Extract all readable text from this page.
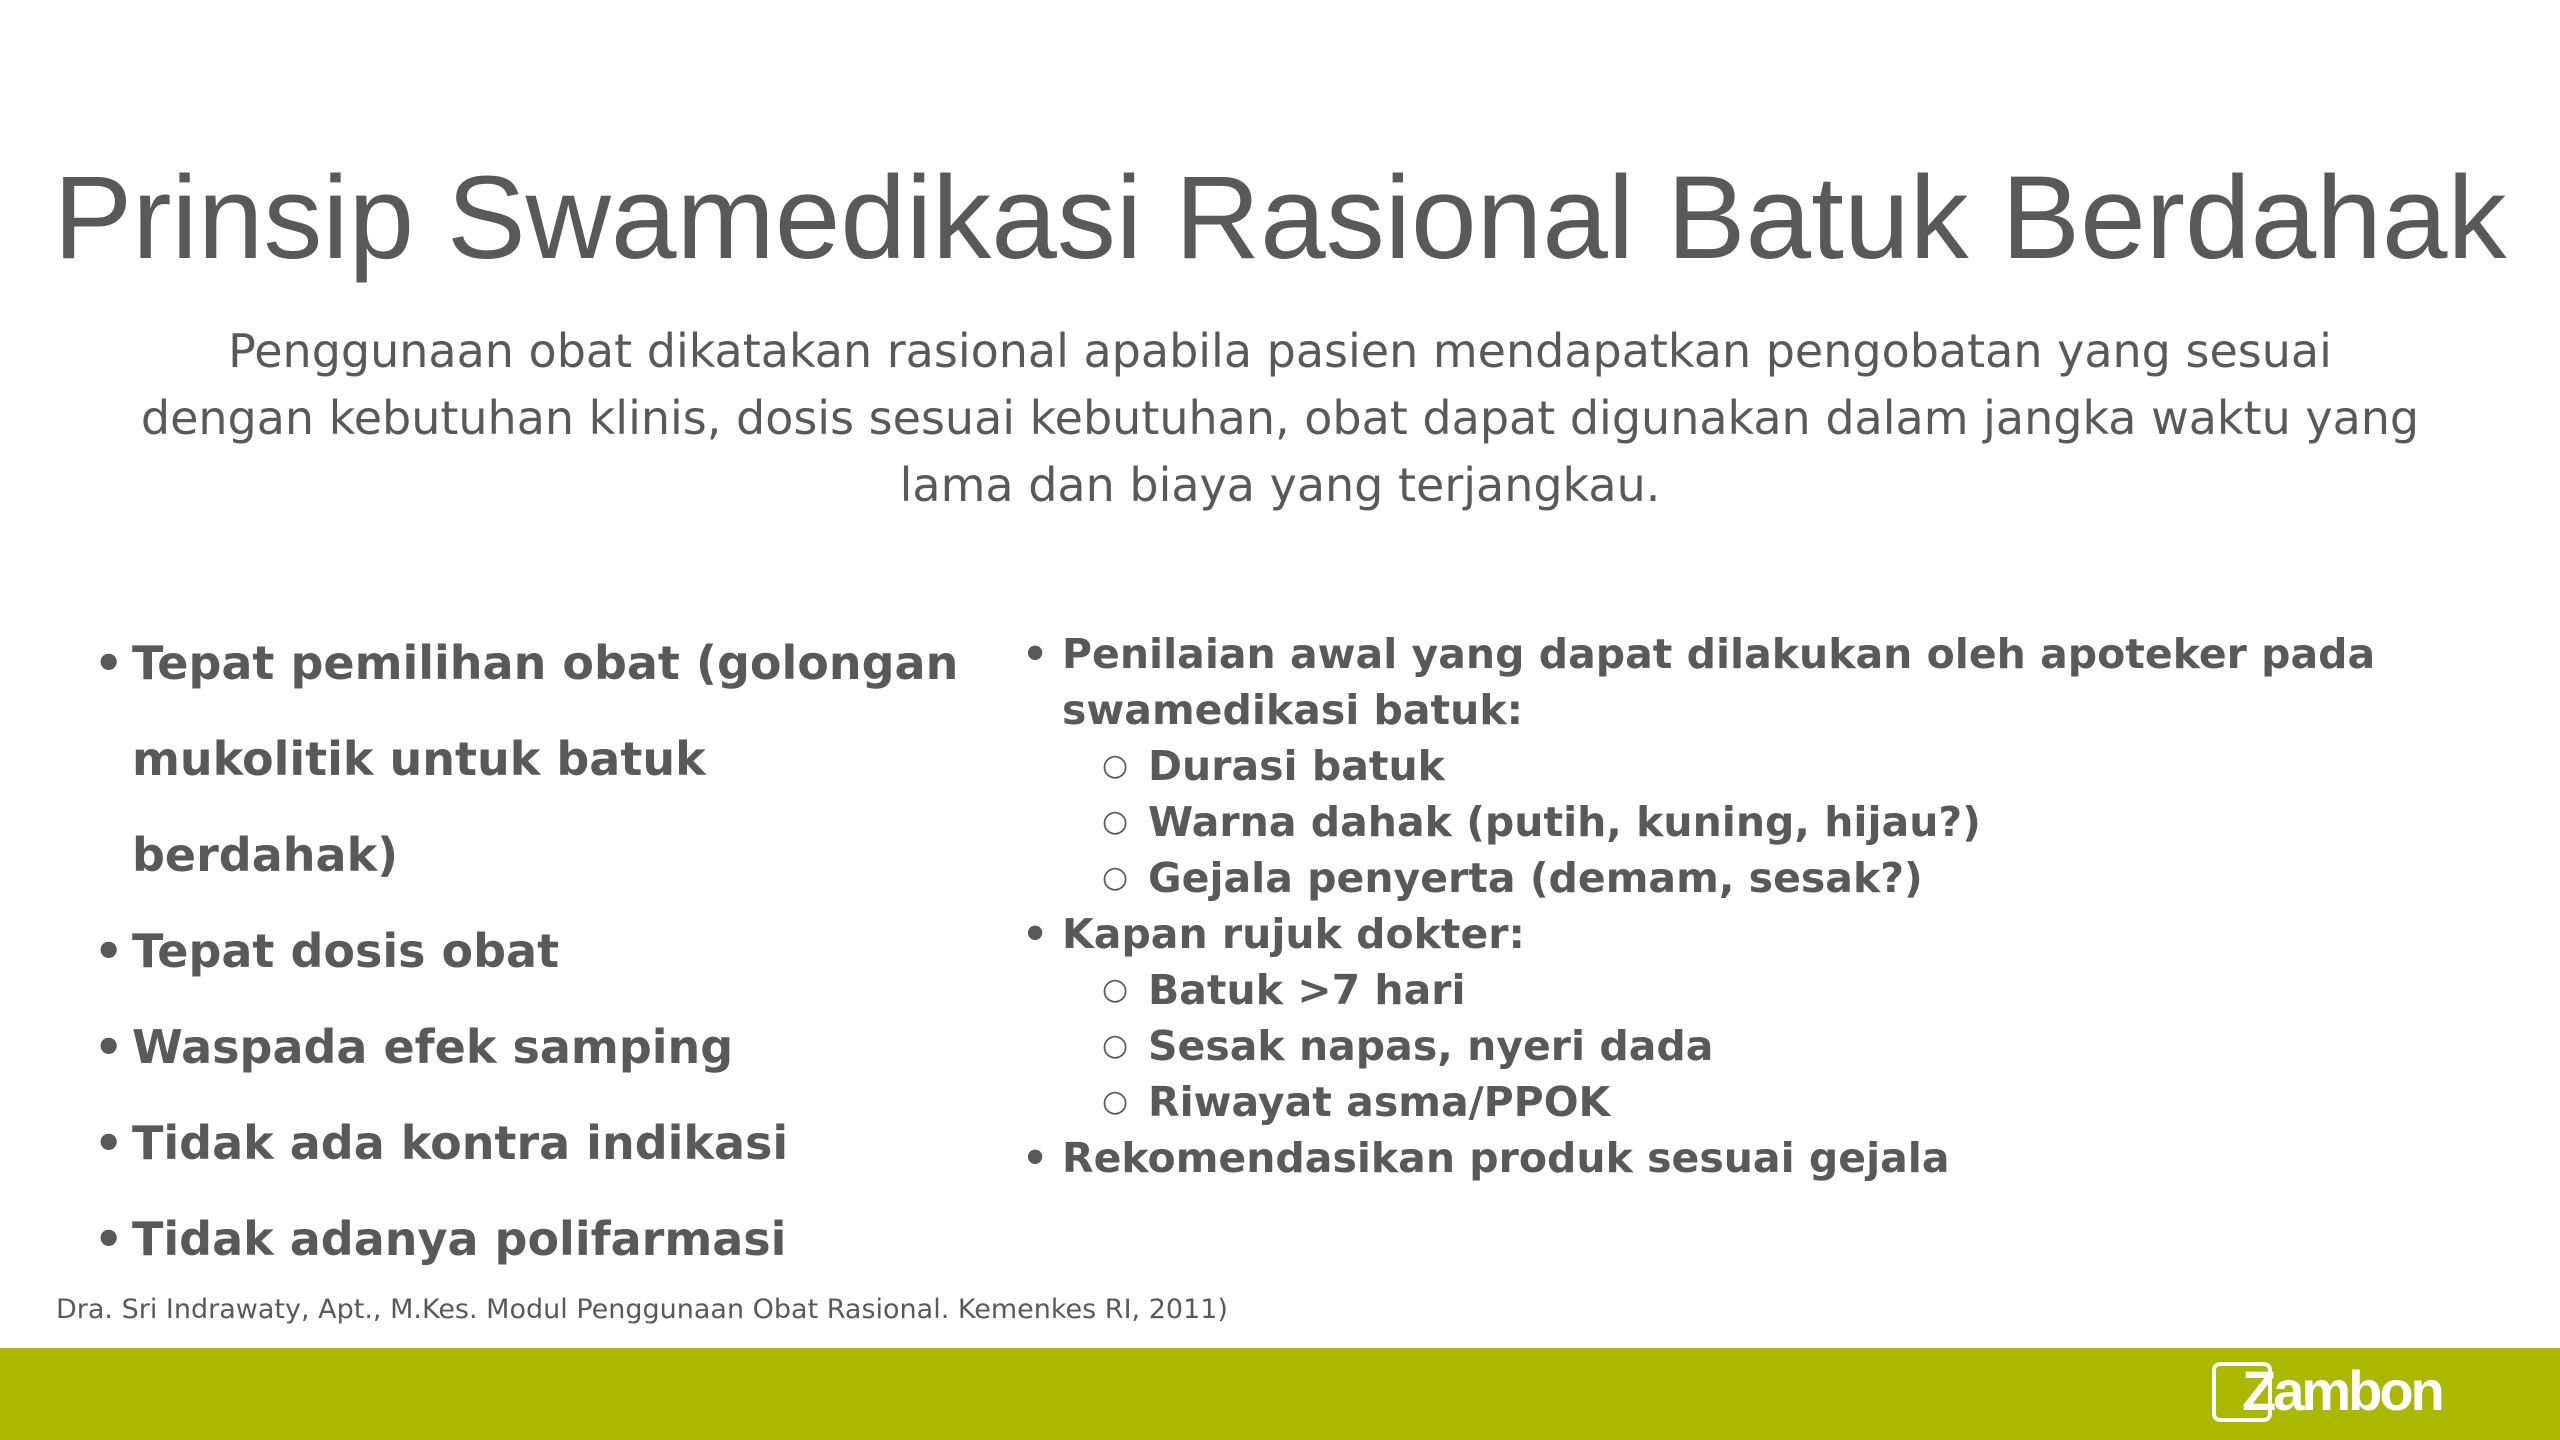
Prinsip Swamedikasi Rasional Batuk Berdahak
Penggunaan obat dikatakan rasional apabila pasien mendapatkan pengobatan yang sesuai dengan kebutuhan klinis, dosis sesuai kebutuhan, obat dapat digunakan dalam jangka waktu yang lama dan biaya yang terjangkau.
• Tepat pemilihan obat (golongan mukolitik untuk batuk berdahak)
• Tepat dosis obat
• Waspada efek samping
• Tidak ada kontra indikasi
• Tidak adanya polifarmasi
• Penilaian awal yang dapat dilakukan oleh apoteker pada swamedikasi batuk:
○ Durasi batuk
○ Warna dahak (putih, kuning, hijau?)
○ Gejala penyerta (demam, sesak?)
• Kapan rujuk dokter:
○ Batuk >7 hari
○ Sesak napas, nyeri dada
○ Riwayat asma/PPOK
• Rekomendasikan produk sesuai gejala
Dra. Sri Indrawaty, Apt., M.Kes. Modul Penggunaan Obat Rasional. Kemenkes RI, 2011)
Zambon
